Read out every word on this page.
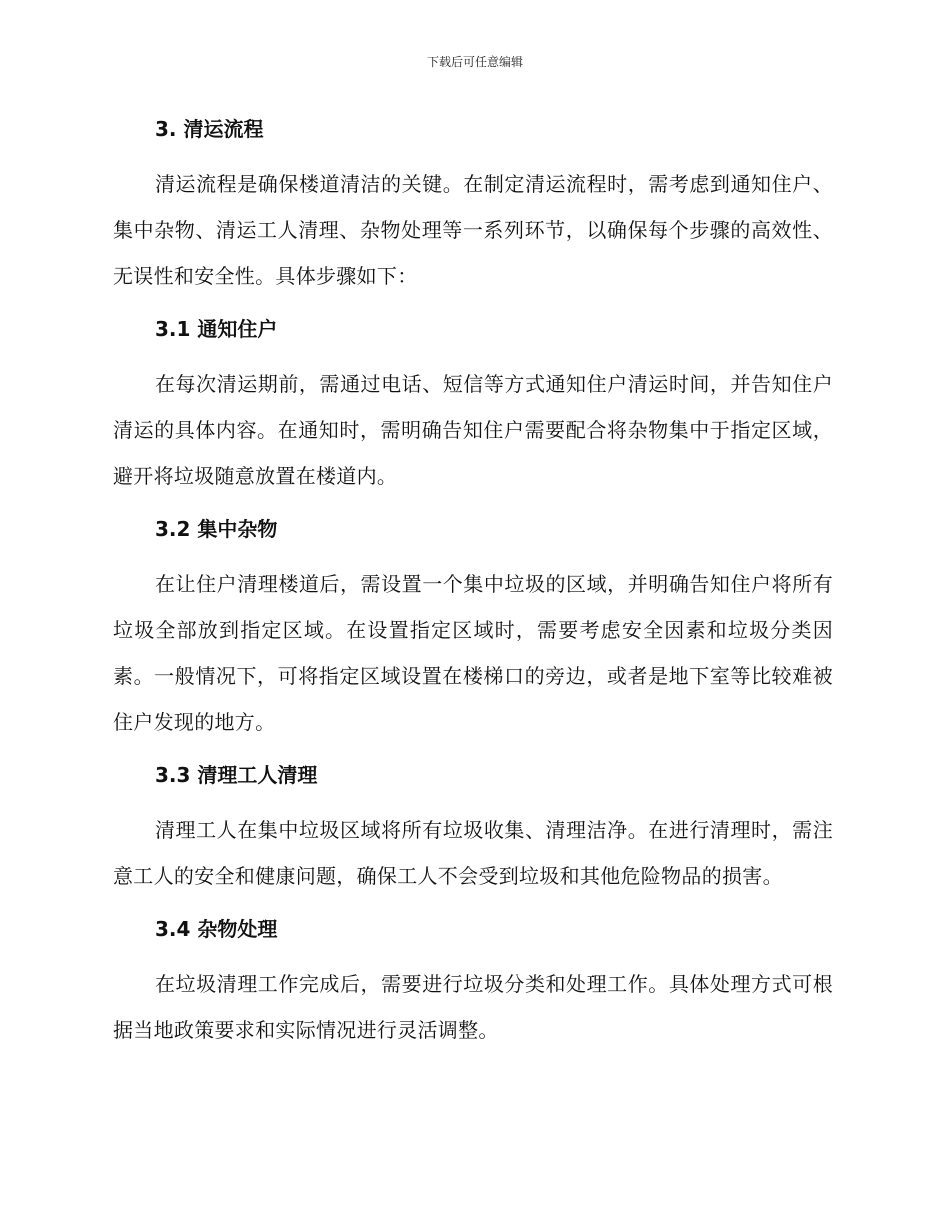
下载后可任意编辑
3. 清运流程

清运流程是确保楼道清洁的关键。在制定清运流程时，需考虑到通知住户、集中杂物、清运工人清理、杂物处理等一系列环节，以确保每个步骤的高效性、无误性和安全性。具体步骤如下：

3.1 通知住户

在每次清运期前，需通过电话、短信等方式通知住户清运时间，并告知住户清运的具体内容。在通知时，需明确告知住户需要配合将杂物集中于指定区域，避开将垃圾随意放置在楼道内。

3.2 集中杂物

在让住户清理楼道后，需设置一个集中垃圾的区域，并明确告知住户将所有垃圾全部放到指定区域。在设置指定区域时，需要考虑安全因素和垃圾分类因素。一般情况下，可将指定区域设置在楼梯口的旁边，或者是地下室等比较难被住户发现的地方。

3.3 清理工人清理

清理工人在集中垃圾区域将所有垃圾收集、清理洁净。在进行清理时，需注意工人的安全和健康问题，确保工人不会受到垃圾和其他危险物品的损害。

3.4 杂物处理

在垃圾清理工作完成后，需要进行垃圾分类和处理工作。具体处理方式可根据当地政策要求和实际情况进行灵活调整。
